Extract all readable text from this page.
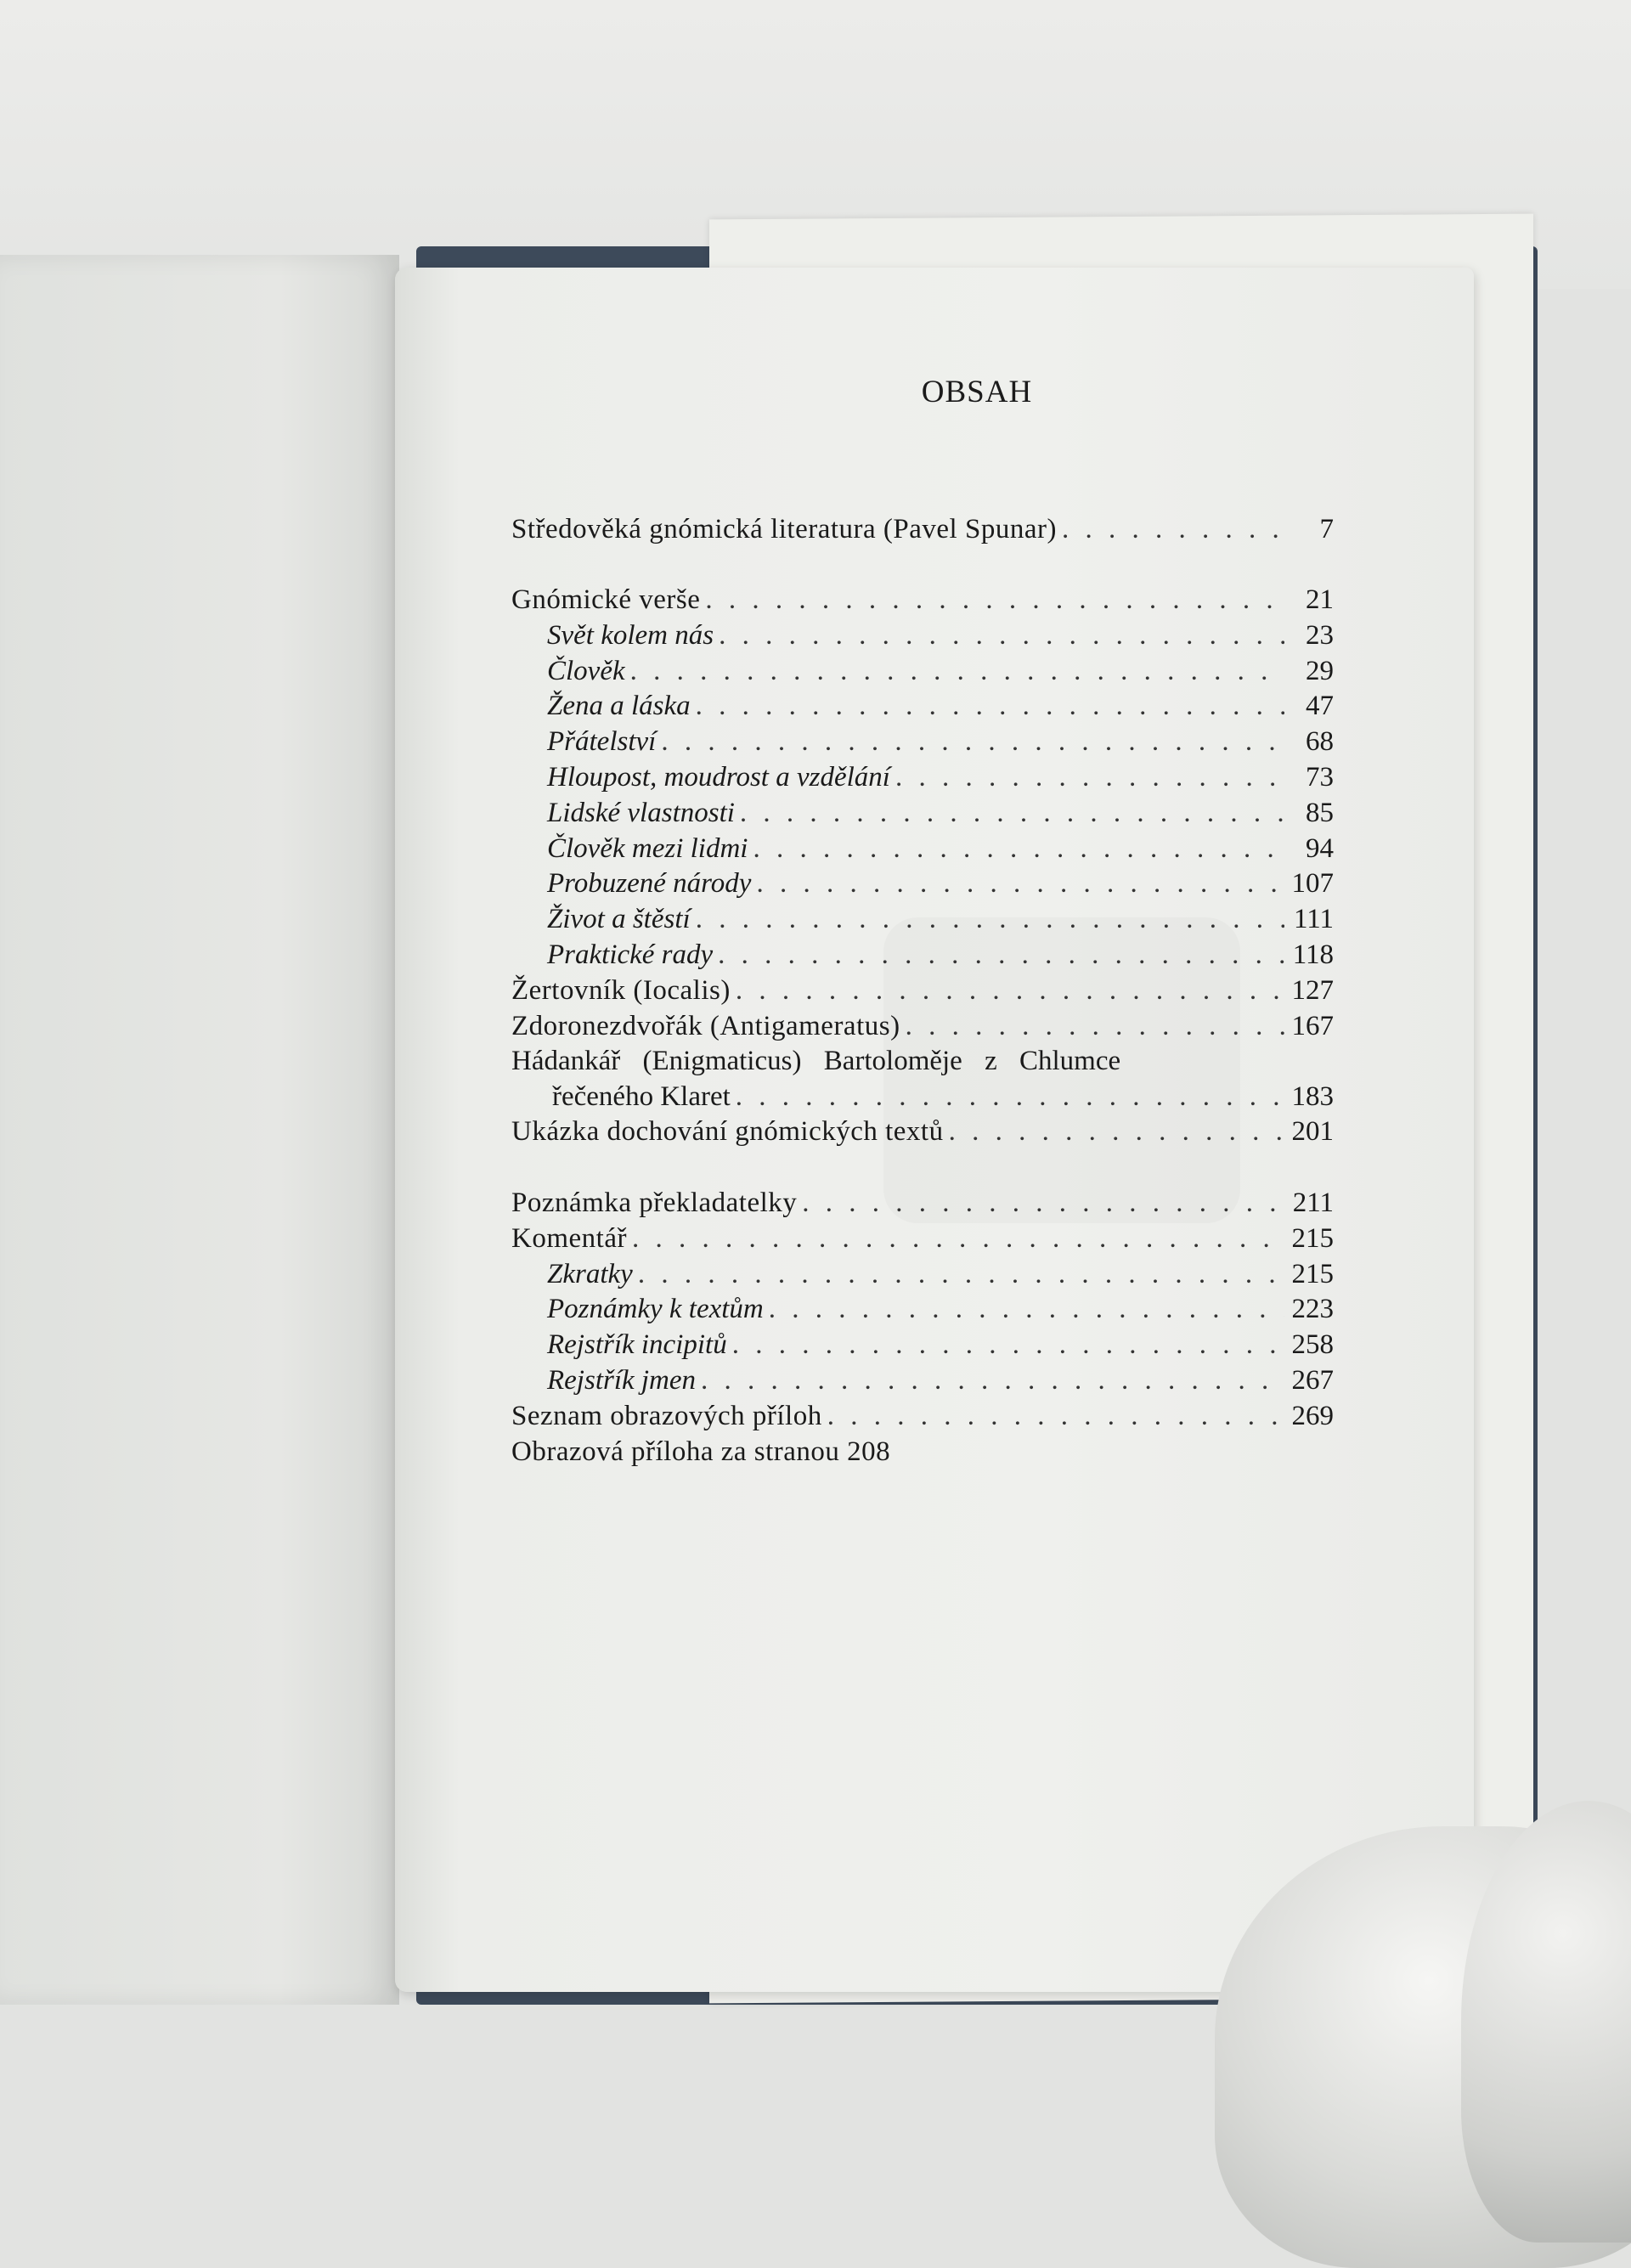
OBSAH
Středověká gnómická literatura (Pavel Spunar) . . .	7
Gnómické verše . . .	21
Svět kolem nás . . .	23
Člověk . . .	29
Žena a láska . . .	47
Přátelství . . .	68
Hloupost, moudrost a vzdělání . . .	73
Lidské vlastnosti . . .	85
Člověk mezi lidmi . . .	94
Probuzené národy . . .	107
Život a štěstí . . .	111
Praktické rady . . .	118
Žertovník (Iocalis) . . .	127
Zdoronezdvořák (Antigameratus) . . .	167
Hádankář (Enigmaticus) Bartoloměje z Chlumce
řečeného Klaret . . .	183
Ukázka dochování gnómických textů . . .	201
Poznámka překladatelky . . .	211
Komentář . . .	215
Zkratky . . .	215
Poznámky k textům . . .	223
Rejstřík incipitů . . .	258
Rejstřík jmen . . .	267
Seznam obrazových příloh . . .	269
Obrazová příloha za stranou 208
